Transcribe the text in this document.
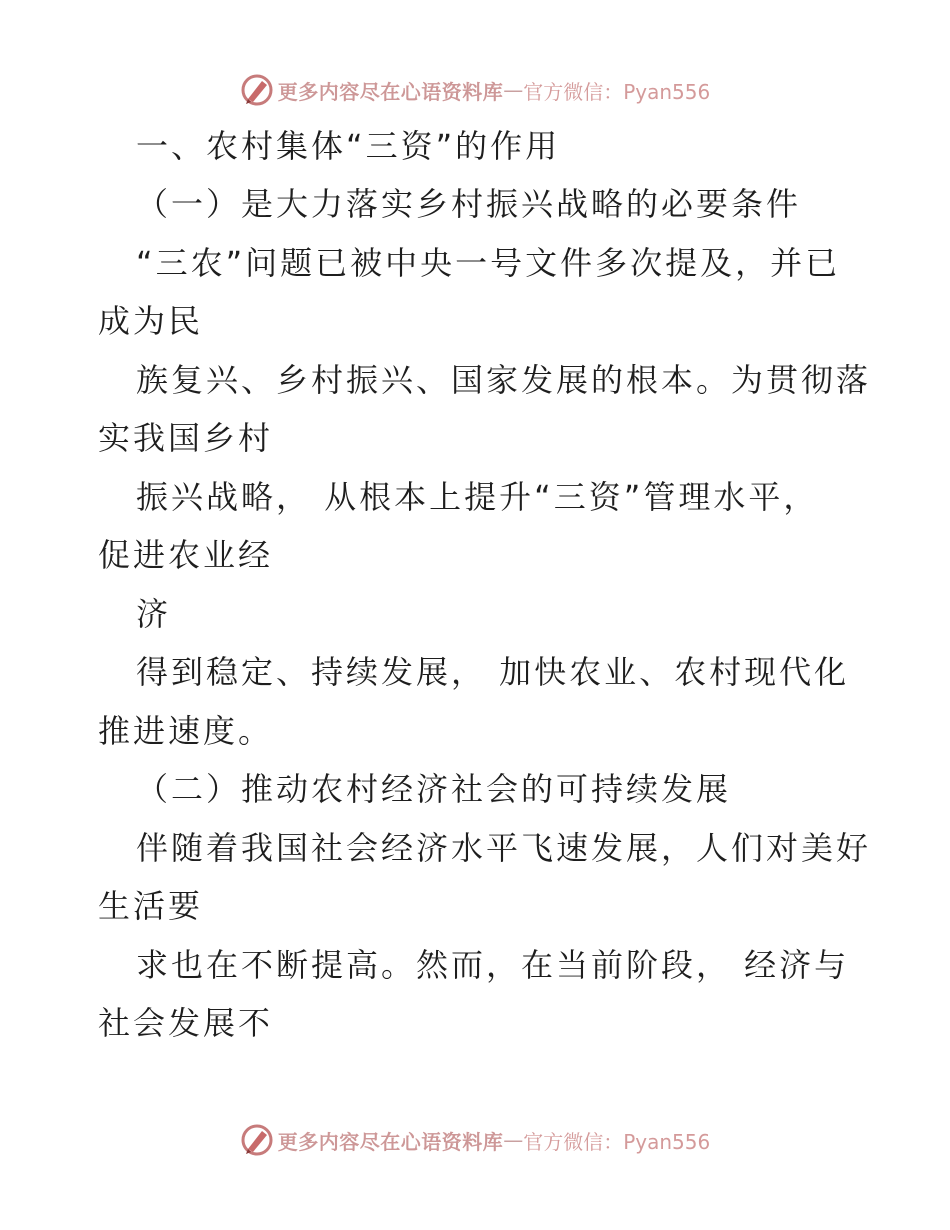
更多内容尽在心语资料库 — 官方微信：Pyan556
一、农村集体“三资”的作用
（一）是大力落实乡村振兴战略的必要条件
“三农”问题已被中央一号文件多次提及，并已
成为民
族复兴、乡村振兴、国家发展的根本。为贯彻落
实我国乡村
振兴战略， 从根本上提升“三资”管理水平，
促进农业经
济
得到稳定、持续发展， 加快农业、农村现代化
推进速度。
（二）推动农村经济社会的可持续发展
伴随着我国社会经济水平飞速发展，人们对美好
生活要
求也在不断提高。然而，在当前阶段， 经济与
社会发展不
更多内容尽在心语资料库 — 官方微信：Pyan556
